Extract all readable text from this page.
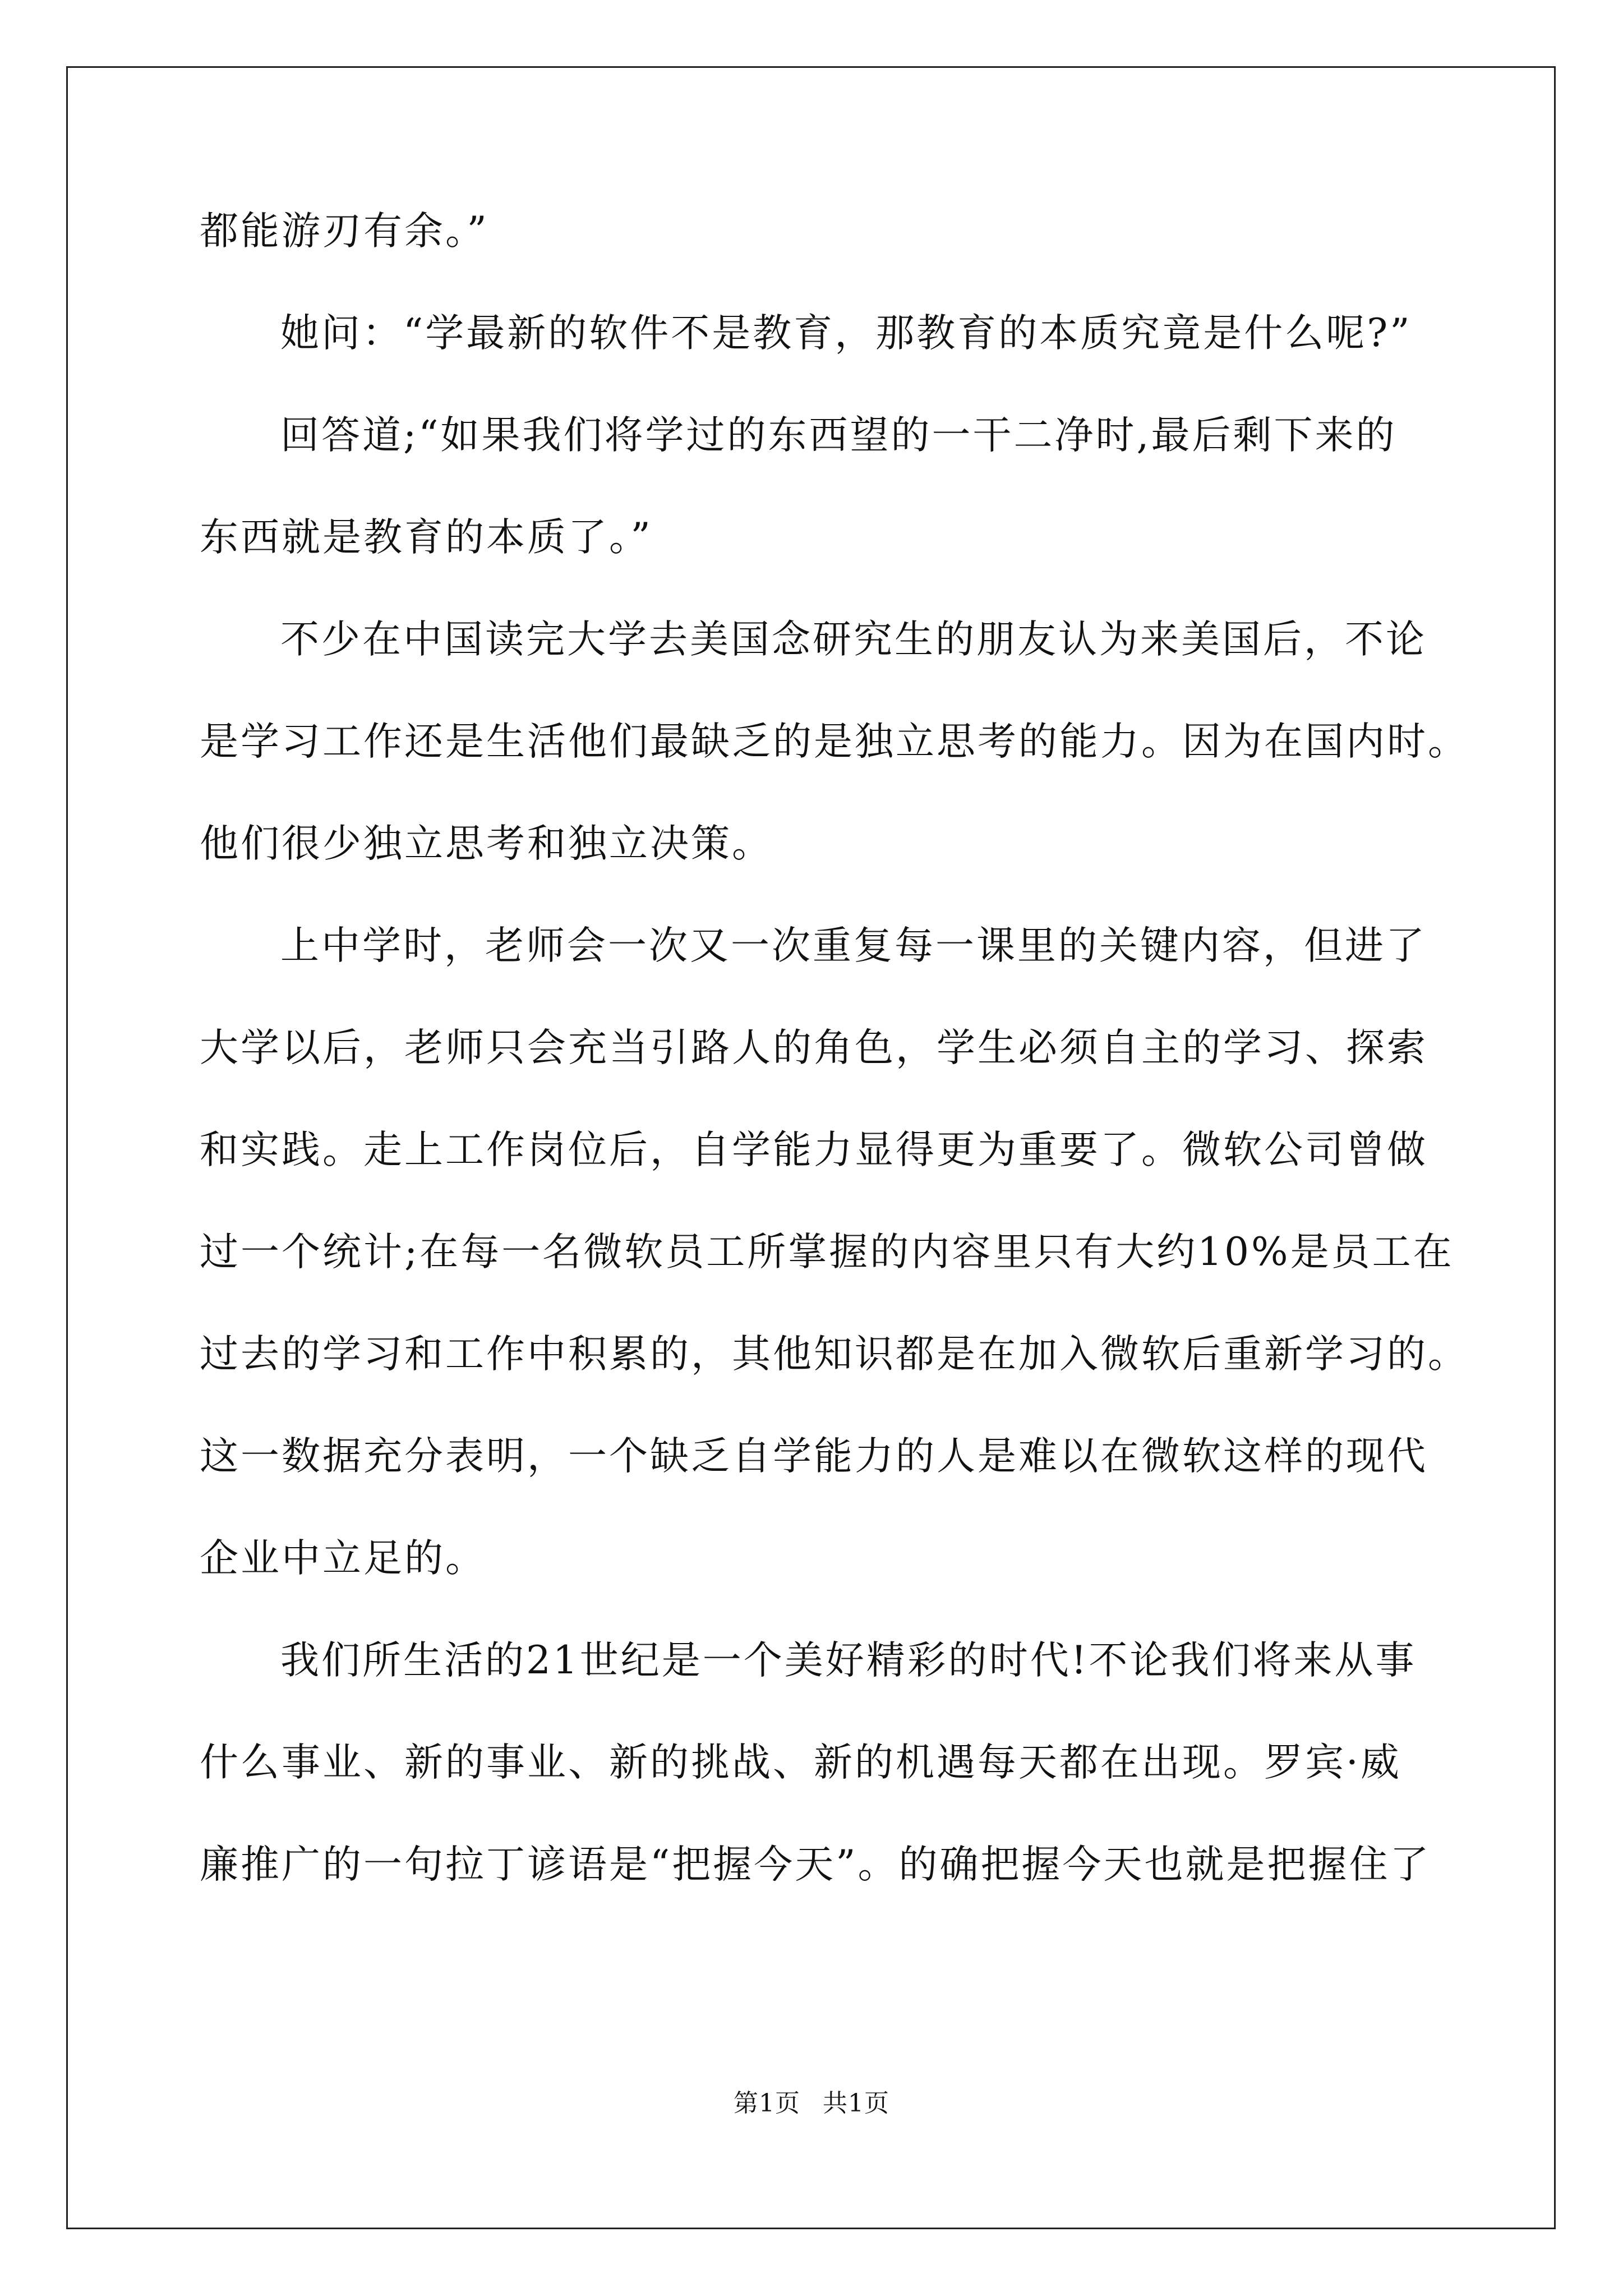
都能游刃有余。”
她问：“学最新的软件不是教育，那教育的本质究竟是什么呢?”
回答道;“如果我们将学过的东西望的一干二净时,最后剩下来的
东西就是教育的本质了。”
不少在中国读完大学去美国念研究生的朋友认为来美国后，不论
是学习工作还是生活他们最缺乏的是独立思考的能力。因为在国内时。
他们很少独立思考和独立决策。
上中学时，老师会一次又一次重复每一课里的关键内容，但进了
大学以后，老师只会充当引路人的角色，学生必须自主的学习、探索
和实践。走上工作岗位后，自学能力显得更为重要了。微软公司曾做
过一个统计;在每一名微软员工所掌握的内容里只有大约10%是员工在
过去的学习和工作中积累的，其他知识都是在加入微软后重新学习的。
这一数据充分表明，一个缺乏自学能力的人是难以在微软这样的现代
企业中立足的。
我们所生活的21世纪是一个美好精彩的时代!不论我们将来从事
什么事业、新的事业、新的挑战、新的机遇每天都在出现。罗宾·威
廉推广的一句拉丁谚语是“把握今天”。的确把握今天也就是把握住了
第1页 共1页
